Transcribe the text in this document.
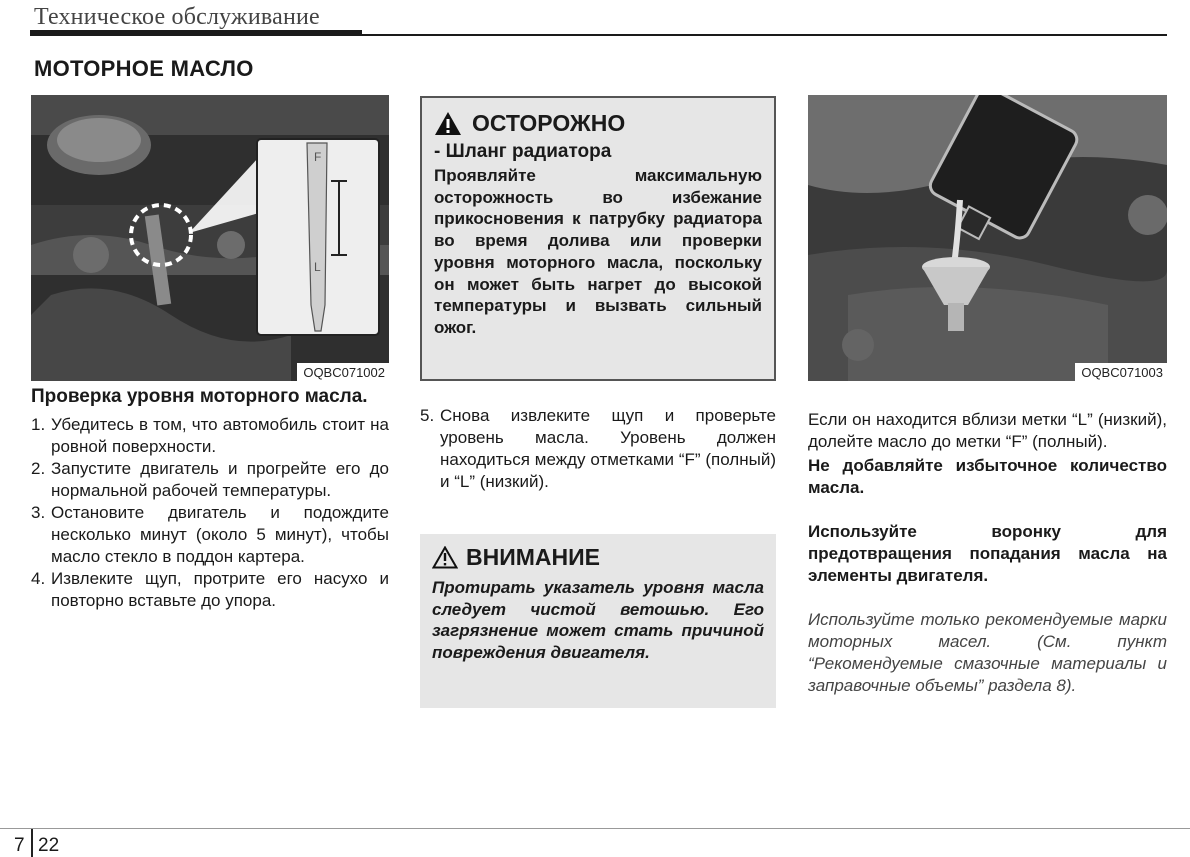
Техническое обслуживание
МОТОРНОЕ МАСЛО
F
L
OQBC071002
Проверка уровня моторного масла.
1. Убедитесь в том, что автомобиль стоит на ровной поверхности.
2. Запустите двигатель и прогрейте его до нормальной рабочей температуры.
3. Остановите двигатель и подождите несколько минут (около 5 минут), чтобы масло стекло в поддон картера.
4. Извлеките щуп, протрите его насухо и повторно вставьте до упора.
ОСТОРОЖНО
- Шланг радиатора
Проявляйте максимальную осторожность во избежание прикосновения к патрубку радиатора во время долива или проверки уровня моторного масла, поскольку он может быть нагрет до высокой температуры и вызвать сильный ожог.
5. Снова извлеките щуп и проверьте уровень масла. Уровень должен находиться между отметками “F” (полный) и “L” (низкий).
ВНИМАНИЕ
Протирать указатель уровня масла следует чистой ветошью. Его загрязнение может стать причиной повреждения двигателя.
OQBC071003
Если он находится вблизи метки “L” (низкий), долейте масло до метки “F” (полный).
Не добавляйте избыточное количество масла.
Используйте воронку для предотвращения попадания масла на элементы двигателя.
Используйте только рекомендуемые марки моторных масел. (См. пункт “Рекомендуемые смазочные материалы и заправочные объемы” раздела 8).
7 22
